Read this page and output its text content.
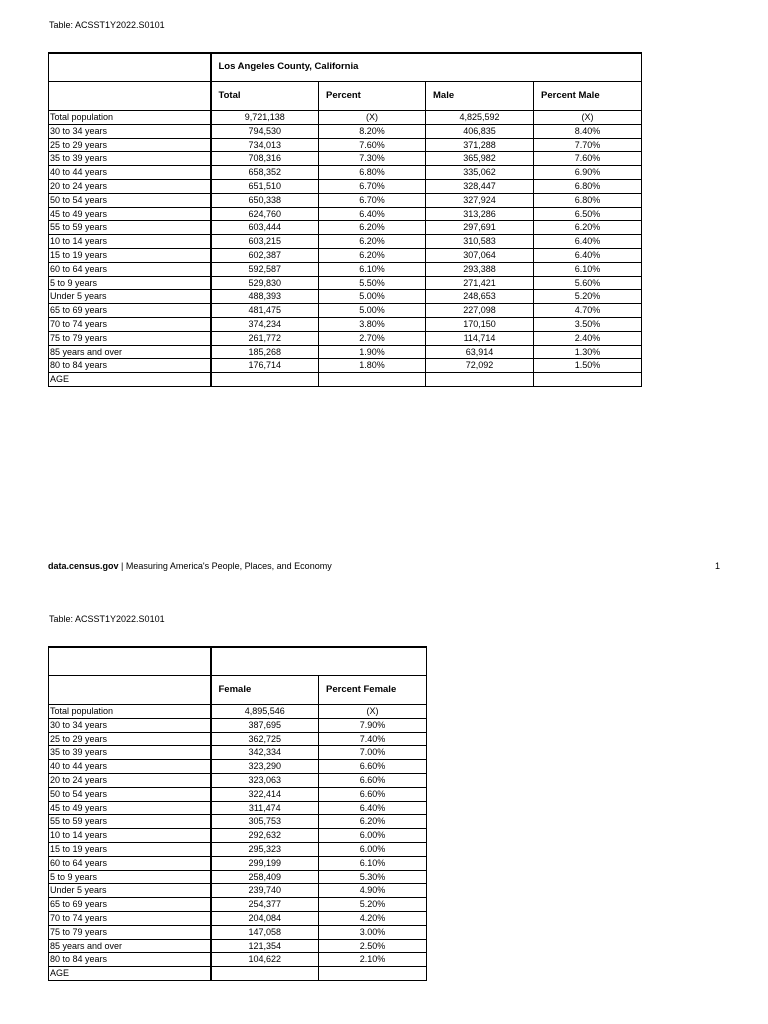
Table: ACSST1Y2022.S0101
	Los Angeles County, California			
	Total	Percent	Male	Percent Male
Total population	9,721,138	(X)	4,825,592	(X)
30 to 34 years	794,530	8.20%	406,835	8.40%
25 to 29 years	734,013	7.60%	371,288	7.70%
35 to 39 years	708,316	7.30%	365,982	7.60%
40 to 44 years	658,352	6.80%	335,062	6.90%
20 to 24 years	651,510	6.70%	328,447	6.80%
50 to 54 years	650,338	6.70%	327,924	6.80%
45 to 49 years	624,760	6.40%	313,286	6.50%
55 to 59 years	603,444	6.20%	297,691	6.20%
10 to 14 years	603,215	6.20%	310,583	6.40%
15 to 19 years	602,387	6.20%	307,064	6.40%
60 to 64 years	592,587	6.10%	293,388	6.10%
5 to 9 years	529,830	5.50%	271,421	5.60%
Under 5 years	488,393	5.00%	248,653	5.20%
65 to 69 years	481,475	5.00%	227,098	4.70%
70 to 74 years	374,234	3.80%	170,150	3.50%
75 to 79 years	261,772	2.70%	114,714	2.40%
85 years and over	185,268	1.90%	63,914	1.30%
80 to 84 years	176,714	1.80%	72,092	1.50%
AGE				
data.census.gov | Measuring America's People, Places, and Economy	1
Table: ACSST1Y2022.S0101

	Female	Percent Female
Total population	4,895,546	(X)
30 to 34 years	387,695	7.90%
25 to 29 years	362,725	7.40%
35 to 39 years	342,334	7.00%
40 to 44 years	323,290	6.60%
20 to 24 years	323,063	6.60%
50 to 54 years	322,414	6.60%
45 to 49 years	311,474	6.40%
55 to 59 years	305,753	6.20%
10 to 14 years	292,632	6.00%
15 to 19 years	295,323	6.00%
60 to 64 years	299,199	6.10%
5 to 9 years	258,409	5.30%
Under 5 years	239,740	4.90%
65 to 69 years	254,377	5.20%
70 to 74 years	204,084	4.20%
75 to 79 years	147,058	3.00%
85 years and over	121,354	2.50%
80 to 84 years	104,622	2.10%
AGE		
